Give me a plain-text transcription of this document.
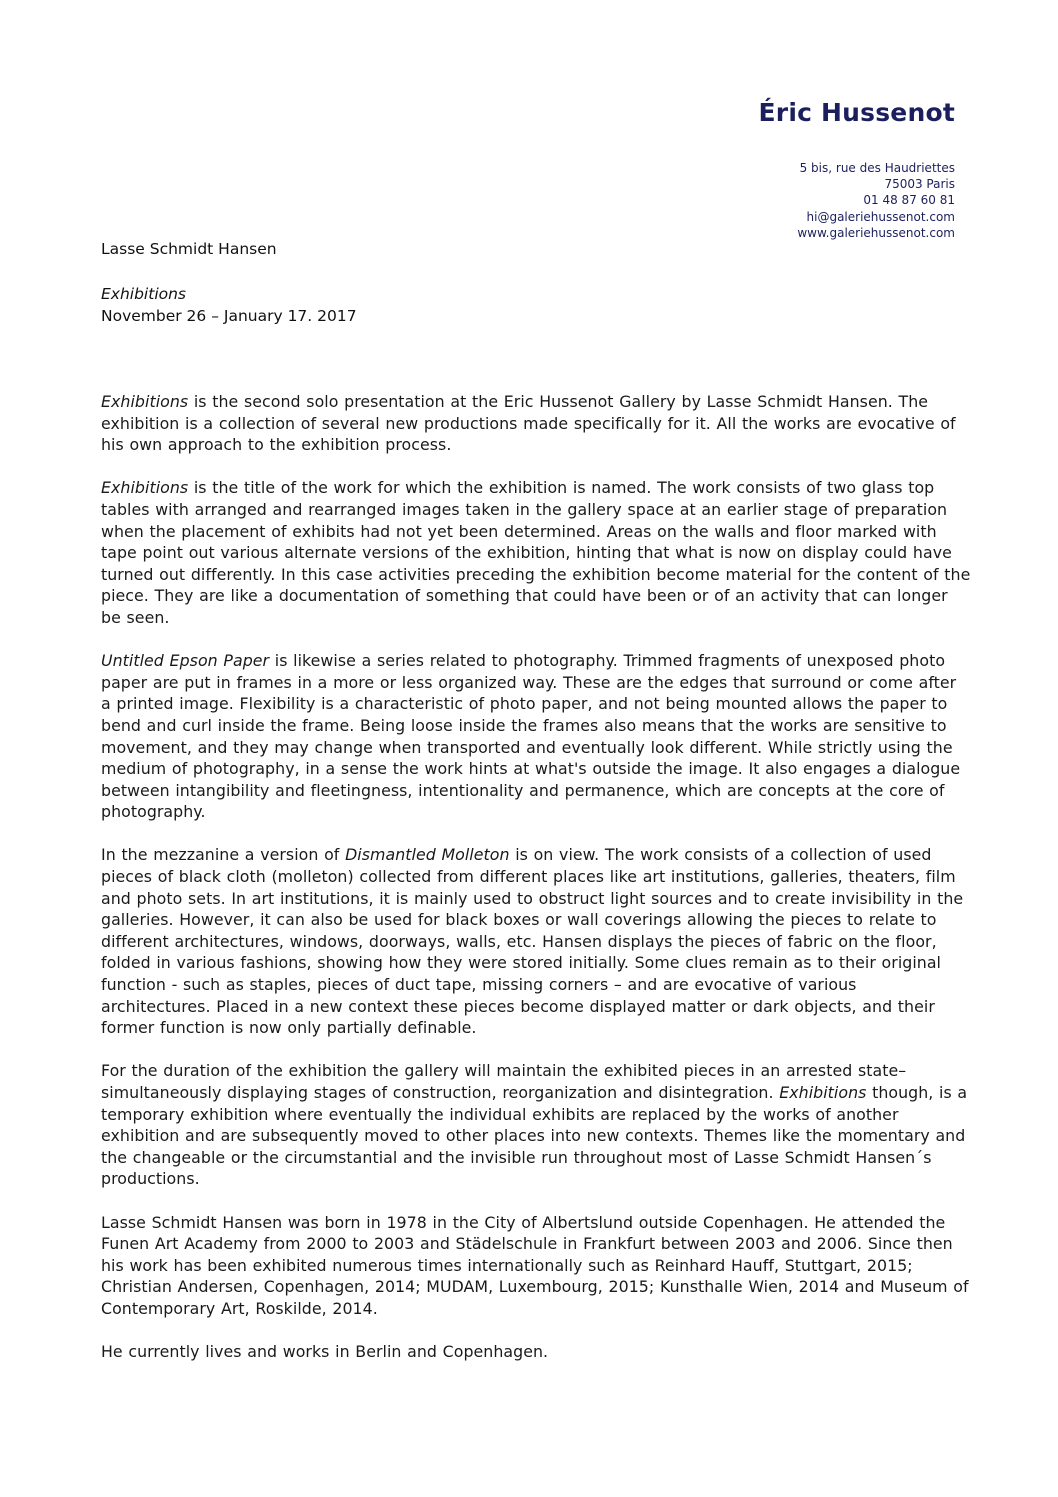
Éric Hussenot
5 bis, rue des Haudriettes
75003 Paris
01 48 87 60 81
hi@galeriehussenot.com
www.galeriehussenot.com
Lasse Schmidt Hansen
Exhibitions
November 26 – January 17. 2017

Exhibitions is the second solo presentation at the Eric Hussenot Gallery by Lasse Schmidt Hansen. The exhibition is a collection of several new productions made specifically for it. All the works are evocative of his own approach to the exhibition process.

Exhibitions is the title of the work for which the exhibition is named. The work consists of two glass top tables with arranged and rearranged images taken in the gallery space at an earlier stage of preparation when the placement of exhibits had not yet been determined. Areas on the walls and floor marked with tape point out various alternate versions of the exhibition, hinting that what is now on display could have turned out differently. In this case activities preceding the exhibition become material for the content of the piece. They are like a documentation of something that could have been or of an activity that can longer be seen.

Untitled Epson Paper is likewise a series related to photography. Trimmed fragments of unexposed photo paper are put in frames in a more or less organized way. These are the edges that surround or come after a printed image. Flexibility is a characteristic of photo paper, and not being mounted allows the paper to bend and curl inside the frame. Being loose inside the frames also means that the works are sensitive to movement, and they may change when transported and eventually look different. While strictly using the medium of photography, in a sense the work hints at what's outside the image. It also engages a dialogue between intangibility and fleetingness, intentionality and permanence, which are concepts at the core of photography.

In the mezzanine a version of Dismantled Molleton is on view. The work consists of a collection of used pieces of black cloth (molleton) collected from different places like art institutions, galleries, theaters, film and photo sets. In art institutions, it is mainly used to obstruct light sources and to create invisibility in the galleries. However, it can also be used for black boxes or wall coverings allowing the pieces to relate to different architectures, windows, doorways, walls, etc. Hansen displays the pieces of fabric on the floor, folded in various fashions, showing how they were stored initially. Some clues remain as to their original function - such as staples, pieces of duct tape, missing corners – and are evocative of various architectures. Placed in a new context these pieces become displayed matter or dark objects, and their former function is now only partially definable.

For the duration of the exhibition the gallery will maintain the exhibited pieces in an arrested state– simultaneously displaying stages of construction, reorganization and disintegration. Exhibitions though, is a temporary exhibition where eventually the individual exhibits are replaced by the works of another exhibition and are subsequently moved to other places into new contexts. Themes like the momentary and the changeable or the circumstantial and the invisible run throughout most of Lasse Schmidt Hansen´s productions.

Lasse Schmidt Hansen was born in 1978 in the City of Albertslund outside Copenhagen. He attended the Funen Art Academy from 2000 to 2003 and Städelschule in Frankfurt between 2003 and 2006. Since then his work has been exhibited numerous times internationally such as Reinhard Hauff, Stuttgart, 2015; Christian Andersen, Copenhagen, 2014; MUDAM, Luxembourg, 2015; Kunsthalle Wien, 2014 and Museum of Contemporary Art, Roskilde, 2014.

He currently lives and works in Berlin and Copenhagen.
